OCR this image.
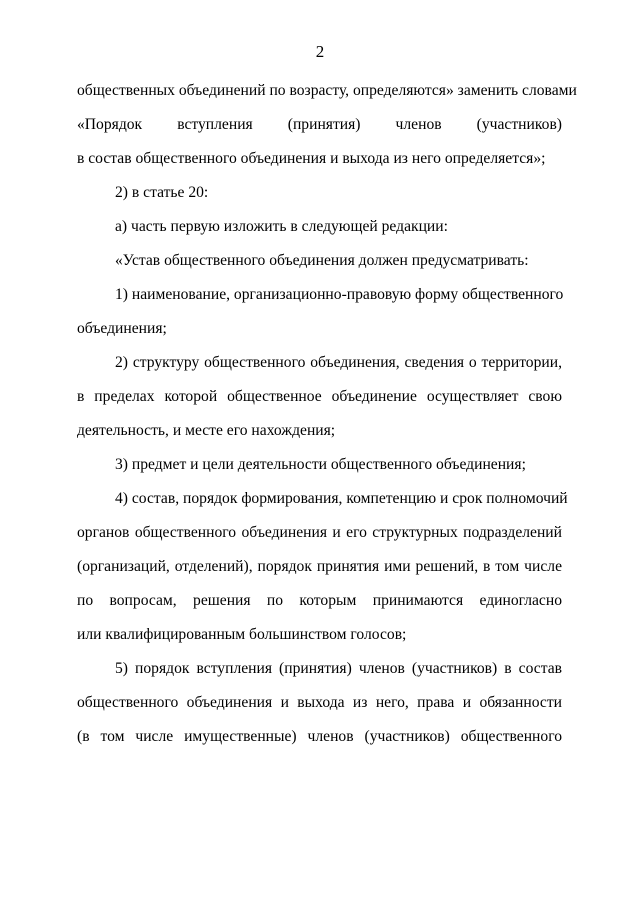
2
общественных объединений по возрасту, определяются» заменить словами
«Порядок вступления (принятия) членов (участников)
в состав общественного объединения и выхода из него определяется»;
2) в статье 20:
а) часть первую изложить в следующей редакции:
«Устав общественного объединения должен предусматривать:
1) наименование, организационно-правовую форму общественного
объединения;
2) структуру общественного объединения, сведения о территории,
в пределах которой общественное объединение осуществляет свою
деятельность, и месте его нахождения;
3) предмет и цели деятельности общественного объединения;
4) состав, порядок формирования, компетенцию и срок полномочий
органов общественного объединения и его структурных подразделений
(организаций, отделений), порядок принятия ими решений, в том числе
по вопросам, решения по которым принимаются единогласно
или квалифицированным большинством голосов;
5) порядок вступления (принятия) членов (участников) в состав
общественного объединения и выхода из него, права и обязанности
(в том числе имущественные) членов (участников) общественного
